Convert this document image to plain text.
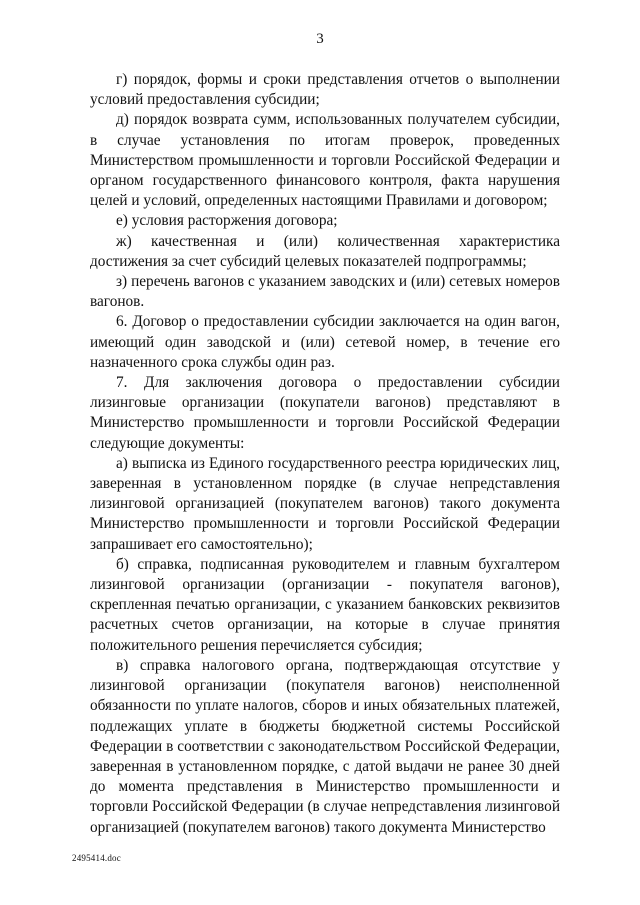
3

г) порядок, формы и сроки представления отчетов о выполнении условий предоставления субсидии;

д) порядок возврата сумм, использованных получателем субсидии, в случае установления по итогам проверок, проведенных Министерством промышленности и торговли Российской Федерации и органом государственного финансового контроля, факта нарушения целей и условий, определенных настоящими Правилами и договором;

е) условия расторжения договора;

ж) качественная и (или) количественная характеристика достижения за счет субсидий целевых показателей подпрограммы;

з) перечень вагонов с указанием заводских и (или) сетевых номеров вагонов.

6. Договор о предоставлении субсидии заключается на один вагон, имеющий один заводской и (или) сетевой номер, в течение его назначенного срока службы один раз.

7. Для заключения договора о предоставлении субсидии лизинговые организации (покупатели вагонов) представляют в Министерство промышленности и торговли Российской Федерации следующие документы:

а) выписка из Единого государственного реестра юридических лиц, заверенная в установленном порядке (в случае непредставления лизинговой организацией (покупателем вагонов) такого документа Министерство промышленности и торговли Российской Федерации запрашивает его самостоятельно);

б) справка, подписанная руководителем и главным бухгалтером лизинговой организации (организации - покупателя вагонов), скрепленная печатью организации, с указанием банковских реквизитов расчетных счетов организации, на которые в случае принятия положительного решения перечисляется субсидия;

в) справка налогового органа, подтверждающая отсутствие у лизинговой организации (покупателя вагонов) неисполненной обязанности по уплате налогов, сборов и иных обязательных платежей, подлежащих уплате в бюджеты бюджетной системы Российской Федерации в соответствии с законодательством Российской Федерации, заверенная в установленном порядке, с датой выдачи не ранее 30 дней до момента представления в Министерство промышленности и торговли Российской Федерации (в случае непредставления лизинговой организацией (покупателем вагонов) такого документа Министерство

2495414.doc
